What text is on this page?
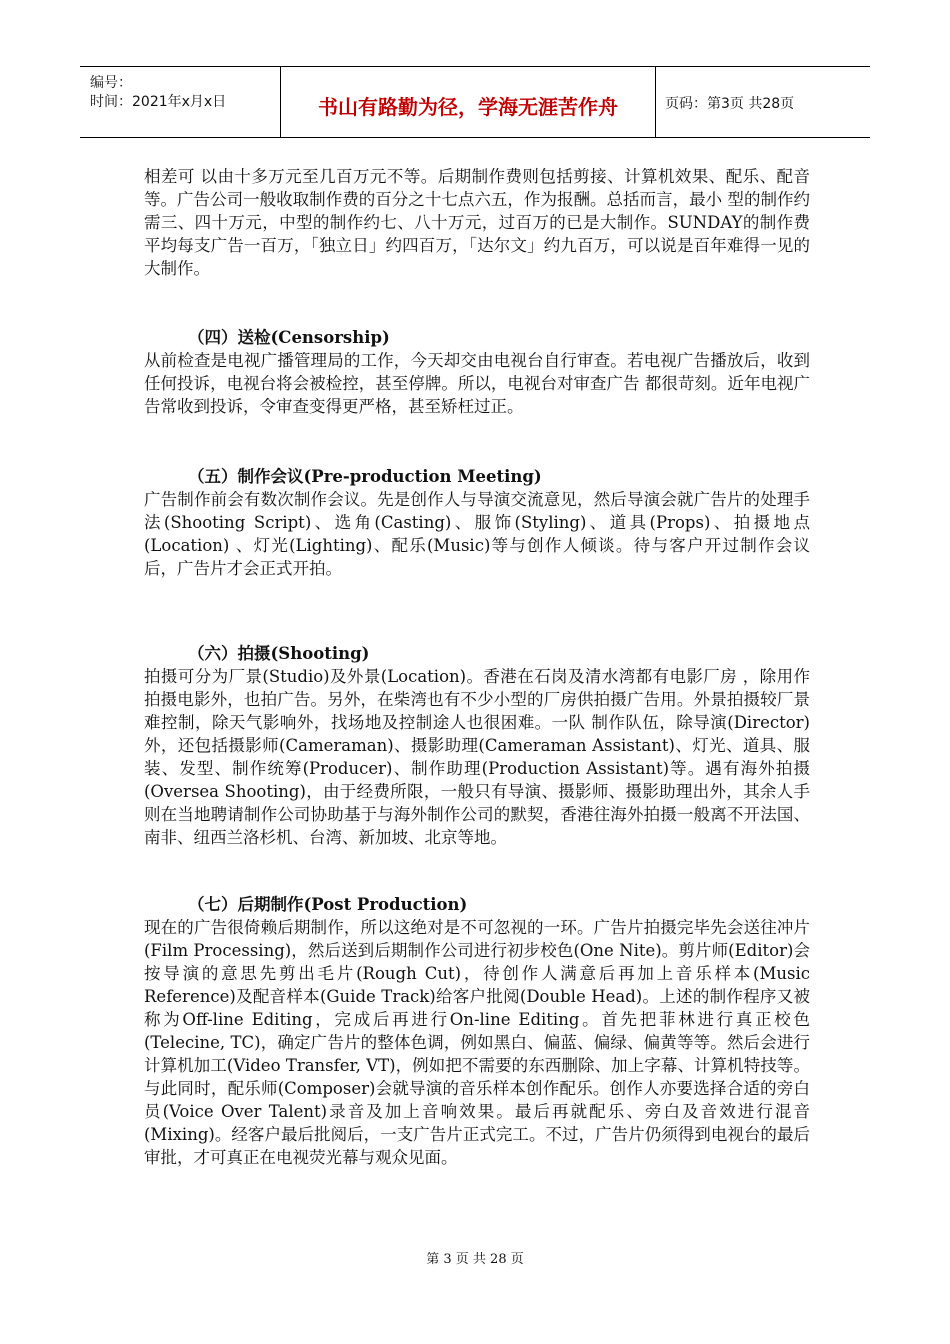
编号：
时间：2021年x月x日	书山有路勤为径，学海无涯苦作舟	页码：第3页 共28页

相差可 以由十多万元至几百万元不等。后期制作费则包括剪接、计算机效果、配乐、配音等。广告公司一般收取制作费的百分之十七点六五，作为报酬。总括而言，最小 型的制作约需三、四十万元，中型的制作约七、八十万元，过百万的已是大制作。SUNDAY的制作费平均每支广告一百万，「独立日」约四百万，「达尔文」约九百万，可以说是百年难得一见的大制作。

（四）送检(Censorship)

从前检查是电视广播管理局的工作，今天却交由电视台自行审查。若电视广告播放后，收到任何投诉，电视台将会被检控，甚至停牌。所以，电视台对审查广告 都很苛刻。近年电视广告常收到投诉，令审查变得更严格，甚至矫枉过正。

（五）制作会议(Pre-production Meeting)

广告制作前会有数次制作会议。先是创作人与导演交流意见，然后导演会就广告片的处理手法(Shooting Script)、选角(Casting)、服饰(Styling)、道具(Props)、拍摄地点(Location) 、灯光(Lighting)、配乐(Music)等与创作人倾谈。待与客户开过制作会议后，广告片才会正式开拍。

（六）拍摄(Shooting)

拍摄可分为厂景(Studio)及外景(Location)。香港在石岗及清水湾都有电影厂房 ，除用作拍摄电影外，也拍广告。另外，在柴湾也有不少小型的厂房供拍摄广告用。外景拍摄较厂景难控制，除天气影响外，找场地及控制途人也很困难。一队 制作队伍，除导演(Director)外，还包括摄影师(Cameraman)、摄影助理(Cameraman Assistant)、灯光、道具、服装、发型、制作统筹(Producer)、制作助理(Production Assistant)等。遇有海外拍摄(Oversea Shooting)，由于经费所限，一般只有导演、摄影师、摄影助理出外，其余人手则在当地聘请制作公司协助基于与海外制作公司的默契，香港往海外拍摄一般离不开法国、南非、纽西兰洛杉机、台湾、新加坡、北京等地。

（七）后期制作(Post Production)

现在的广告很倚赖后期制作，所以这绝对是不可忽视的一环。广告片拍摄完毕先会送往冲片(Film Processing)，然后送到后期制作公司进行初步校色(One Nite)。剪片师(Editor)会按导演的意思先剪出毛片(Rough Cut)，待创作人满意后再加上音乐样本(Music Reference)及配音样本(Guide Track)给客户批阅(Double Head)。上述的制作程序又被称为Off-line Editing，完成后再进行On-line Editing。首先把菲林进行真正校色(Telecine, TC)，确定广告片的整体色调，例如黑白、偏蓝、偏绿、偏黄等等。然后会进行计算机加工(Video Transfer, VT)，例如把不需要的东西删除、加上字幕、计算机特技等。与此同时，配乐师(Composer)会就导演的音乐样本创作配乐。创作人亦要选择合适的旁白员(Voice Over Talent)录音及加上音响效果。最后再就配乐、旁白及音效进行混音(Mixing)。经客户最后批阅后，一支广告片正式完工。不过，广告片仍须得到电视台的最后审批，才可真正在电视荧光幕与观众见面。

第 3 页 共 28 页
